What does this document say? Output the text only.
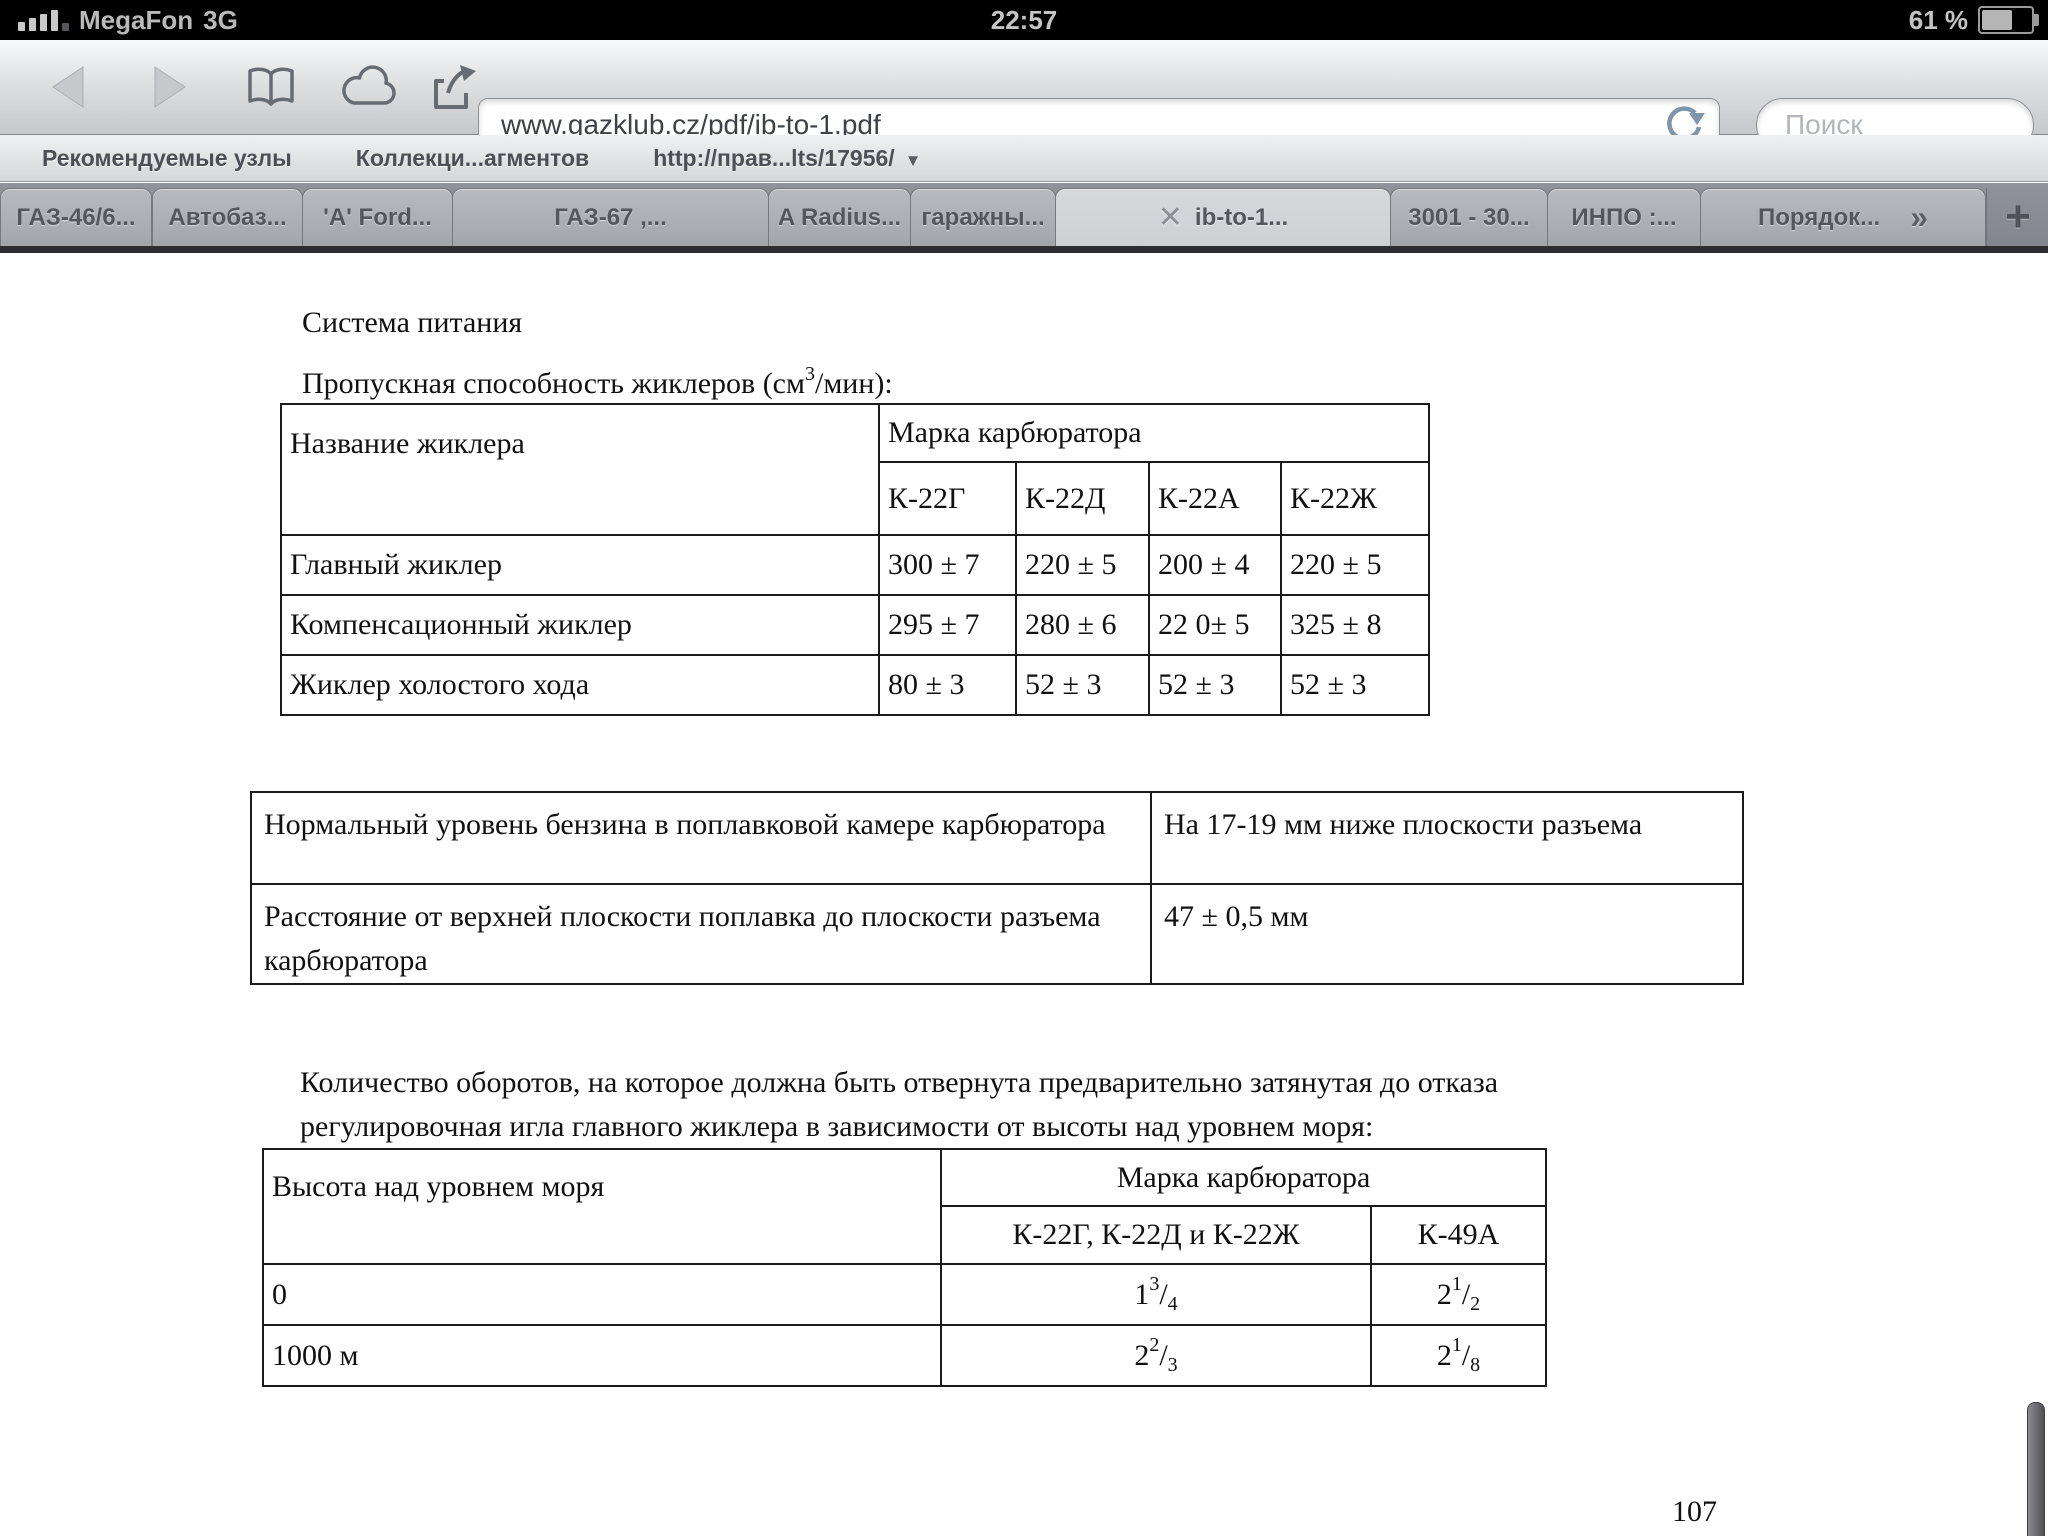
MegaFon 3G	22:57	61 %
www.gazklub.cz/pdf/ib-to-1.pdf
Поиск
Рекомендуемые узлы	Коллекци...агментов	http://прав...lts/17956/ ▼
ГАЗ-46/6... Автобаз... 'A' Ford...	ГАЗ-67 ,...	A Radius... гаражны...	✕ ib-to-1...	3001 - 30... ИНПО :...	Порядок... » +
Система питания
Пропускная способность жиклеров $(см^3/мин)$:
Название жиклера	Марка карбюратора			
	К-22Г	К-22Д	К-22А	К-22Ж
Главный жиклер	300 ± 7	220 ± 5	200 ± 4	220 ± 5
Компенсационный жиклер	295 ± 7	280 ± 6	22 0± 5	325 ± 8
Жиклер холостого хода	80 ± 3	52 ± 3	52 ± 3	52 ± 3
Нормальный уровень бензина в поплавковой камере карбюратора	На 17-19 мм ниже плоскости разъема
Расстояние от верхней плоскости поплавка до плоскости разъема карбюратора	47 ± 0,5 мм
Количество оборотов, на которое должна быть отвернута предварительно затянутая до отказа
регулировочная игла главного жиклера в зависимости от высоты над уровнем моря:
Высота над уровнем моря	Марка карбюратора	
	К-22Г, К-22Д и К-22Ж	К-49А
0	$1^3/_4$	$2^1/_2$
1000 м	$2^2/_3$	$2^1/_8$
107
